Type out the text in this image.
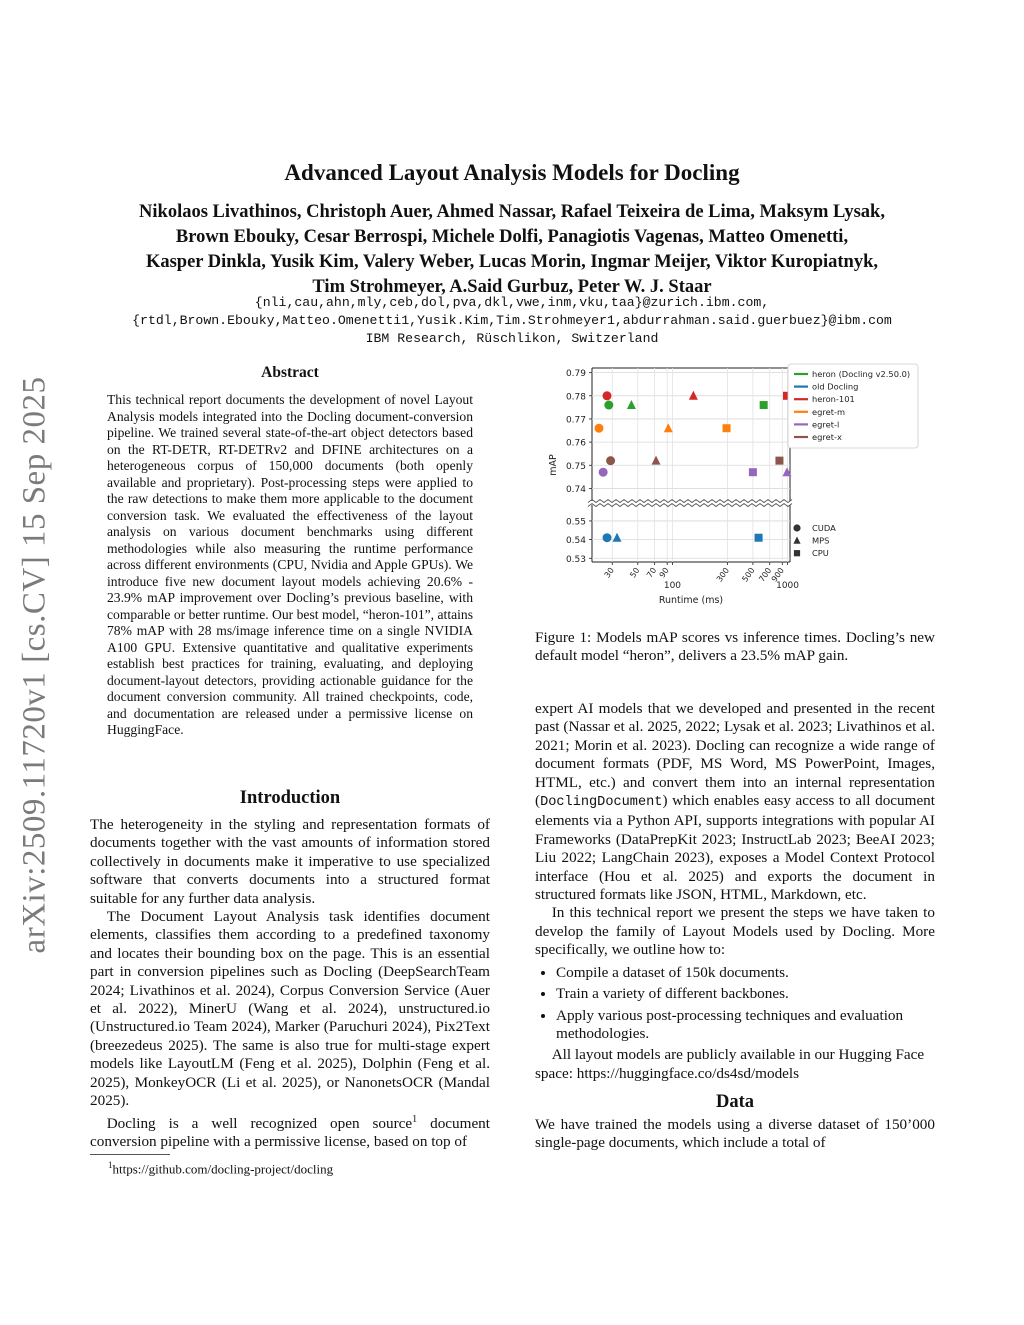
arXiv:2509.11720v1 [cs.CV] 15 Sep 2025
Advanced Layout Analysis Models for Docling
Nikolaos Livathinos, Christoph Auer, Ahmed Nassar, Rafael Teixeira de Lima, Maksym Lysak,
Brown Ebouky, Cesar Berrospi, Michele Dolfi, Panagiotis Vagenas, Matteo Omenetti,
Kasper Dinkla, Yusik Kim, Valery Weber, Lucas Morin, Ingmar Meijer, Viktor Kuropiatnyk,
Tim Strohmeyer, A.Said Gurbuz, Peter W. J. Staar
{nli,cau,ahn,mly,ceb,dol,pva,dkl,vwe,inm,vku,taa}@zurich.ibm.com,
{rtdl,Brown.Ebouky,Matteo.Omenetti1,Yusik.Kim,Tim.Strohmeyer1,abdurrahman.said.guerbuez}@ibm.com
IBM Research, Rüschlikon, Switzerland
Abstract
This technical report documents the development of novel Layout Analysis models integrated into the Docling document-conversion pipeline. We trained several state-of-the-art object detectors based on the RT-DETR, RT-DETRv2 and DFINE architectures on a heterogeneous corpus of 150,000 documents (both openly available and proprietary). Post-processing steps were applied to the raw detections to make them more applicable to the document conversion task. We evaluated the effectiveness of the layout analysis on various document benchmarks using different methodologies while also measuring the runtime performance across different environments (CPU, Nvidia and Apple GPUs). We introduce five new document layout models achieving 20.6% - 23.9% mAP improvement over Docling’s previous baseline, with comparable or better runtime. Our best model, “heron-101”, attains 78% mAP with 28 ms/image inference time on a single NVIDIA A100 GPU. Extensive quantitative and qualitative experiments establish best practices for training, evaluating, and deploying document-layout detectors, providing actionable guidance for the document conversion community. All trained checkpoints, code, and documentation are released under a permissive license on HuggingFace.
Introduction

The heterogeneity in the styling and representation formats of documents together with the vast amounts of information stored collectively in documents make it imperative to use specialized software that converts documents into a structured format suitable for any further data analysis.

The Document Layout Analysis task identifies document elements, classifies them according to a predefined taxonomy and locates their bounding box on the page. This is an essential part in conversion pipelines such as Docling (DeepSearchTeam 2024; Livathinos et al. 2024), Corpus Conversion Service (Auer et al. 2022), MinerU (Wang et al. 2024), unstructured.io (Unstructured.io Team 2024), Marker (Paruchuri 2024), Pix2Text (breezedeus 2025). The same is also true for multi-stage expert models like LayoutLM (Feng et al. 2025), Dolphin (Feng et al. 2025), MonkeyOCR (Li et al. 2025), or NanonetsOCR (Mandal 2025).

Docling is a well recognized open source$^1$ document conversion pipeline with a permissive license, based on top of

$^1$https://github.com/docling-project/docling
0.74
0.75
0.76
0.77
0.78
0.79
0.53
0.54
0.55
30 50 70 90	300 500 700
900
100	1000
Runtime (ms)
mAP
heron (Docling v2.50.0)
old Docling
heron-101
egret-m
egret-l
egret-x
CUDA
MPS
CPU
Figure 1: Models mAP scores vs inference times. Docling’s new default model “heron”, delivers a 23.5% mAP gain.

expert AI models that we developed and presented in the recent past (Nassar et al. 2025, 2022; Lysak et al. 2023; Livathinos et al. 2021; Morin et al. 2023). Docling can recognize a wide range of document formats (PDF, MS Word, MS PowerPoint, Images, HTML, etc.) and convert them into an internal representation (DoclingDocument) which enables easy access to all document elements via a Python API, supports integrations with popular AI Frameworks (DataPrepKit 2023; InstructLab 2023; BeeAI 2023; Liu 2022; LangChain 2023), exposes a Model Context Protocol interface (Hou et al. 2025) and exports the document in structured formats like JSON, HTML, Markdown, etc.

In this technical report we present the steps we have taken to develop the family of Layout Models used by Docling. More specifically, we outline how to:

• Compile a dataset of 150k documents.
• Train a variety of different backbones.
• Apply various post-processing techniques and evaluation methodologies.

All layout models are publicly available in our Hugging Face space: https://huggingface.co/ds4sd/models

Data

We have trained the models using a diverse dataset of 150’000 single-page documents, which include a total of
